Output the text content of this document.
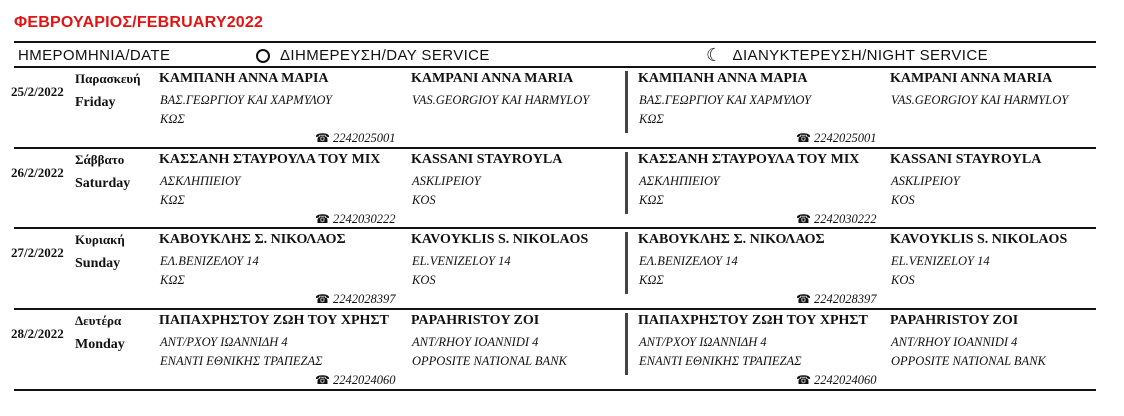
ΦΕΒΡΟΥΑΡΙΟΣ/FEBRUARY2022
ΗΜΕΡΟΜΗΝΙΑ/DATE	ΔΙΗΜΕΡΕΥΣΗ/DAY SERVICE	☾ ΔΙΑΝΥΚΤΕΡΕΥΣΗ/NIGHT SERVICE
25/2/2022
Παρασκευή
Friday
ΚΑΜΠΑΝΗ ΑΝΝΑ ΜΑΡΙΑ
ΒΑΣ.ΓΕΩΡΓΙΟΥ ΚΑΙ ΧΑΡΜΥΛΟΥ
ΚΩΣ
KAMPANI ANNA MARIA
VAS.GEORGIOY KAI HARMYLOY
☎ 2242025001
ΚΑΜΠΑΝΗ ΑΝΝΑ ΜΑΡΙΑ
ΒΑΣ.ΓΕΩΡΓΙΟΥ ΚΑΙ ΧΑΡΜΥΛΟΥ
ΚΩΣ
KAMPANI ANNA MARIA
VAS.GEORGIOY KAI HARMYLOY
☎ 2242025001
26/2/2022
Σάββατο
Saturday
ΚΑΣΣΑΝΗ ΣΤΑΥΡΟΥΛΑ ΤΟΥ ΜΙΧ
ΑΣΚΛΗΠΙΕΙΟΥ
ΚΩΣ
KASSANI STAYROYLA
ASKLIPEIOY
KOS
☎ 2242030222
ΚΑΣΣΑΝΗ ΣΤΑΥΡΟΥΛΑ ΤΟΥ ΜΙΧ
ΑΣΚΛΗΠΙΕΙΟΥ
ΚΩΣ
KASSANI STAYROYLA
ASKLIPEIOY
KOS
☎ 2242030222
27/2/2022
Κυριακή
Sunday
ΚΑΒΟΥΚΛΗΣ Σ. ΝΙΚΟΛΑΟΣ
ΕΛ.ΒΕΝΙΖΕΛΟΥ 14
ΚΩΣ
KAVOYKLIS S. NIKOLAOS
EL.VENIZELOY 14
KOS
☎ 2242028397
ΚΑΒΟΥΚΛΗΣ Σ. ΝΙΚΟΛΑΟΣ
ΕΛ.ΒΕΝΙΖΕΛΟΥ 14
ΚΩΣ
KAVOYKLIS S. NIKOLAOS
EL.VENIZELOY 14
KOS
☎ 2242028397
28/2/2022
Δευτέρα
Monday
ΠΑΠΑΧΡΗΣΤΟΥ ΖΩΗ ΤΟΥ ΧΡΗΣΤ
ΑΝΤ/ΡΧΟΥ ΙΩΑΝΝΙΔΗ 4
ΕΝΑΝΤΙ ΕΘΝΙΚΗΣ ΤΡΑΠΕΖΑΣ
PAPAHRISTOY ZOI
ANT/RHOY IOANNIDI 4
OPPOSITE NATIONAL BANK
☎ 2242024060
ΠΑΠΑΧΡΗΣΤΟΥ ΖΩΗ ΤΟΥ ΧΡΗΣΤ
ΑΝΤ/ΡΧΟΥ ΙΩΑΝΝΙΔΗ 4
ΕΝΑΝΤΙ ΕΘΝΙΚΗΣ ΤΡΑΠΕΖΑΣ
PAPAHRISTOY ZOI
ANT/RHOY IOANNIDI 4
OPPOSITE NATIONAL BANK
☎ 2242024060
